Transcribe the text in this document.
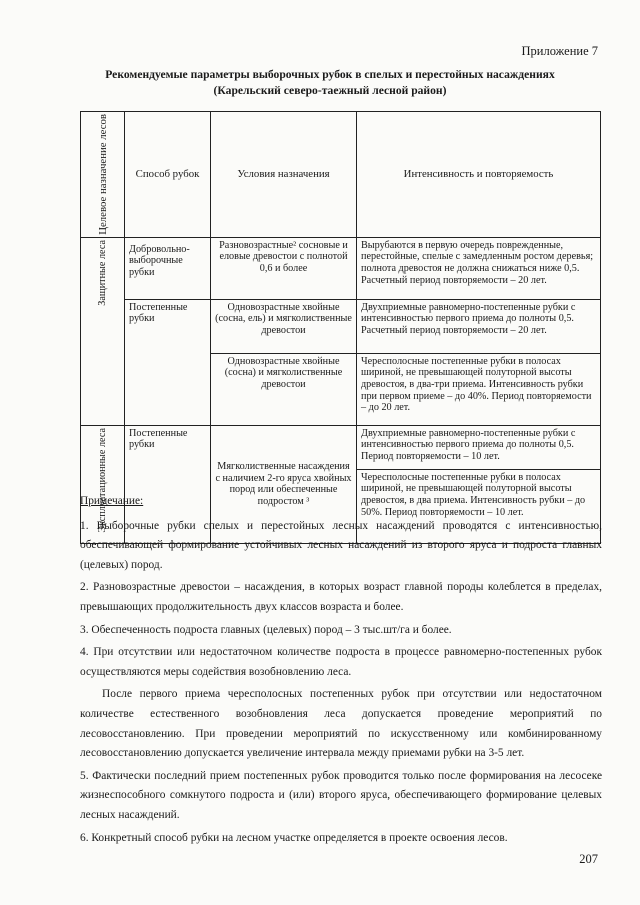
Приложение 7
Рекомендуемые параметры выборочных рубок в спелых и перестойных насаждениях
(Карельский северо-таежный лесной район)
Целевое назначение лесов	Способ рубок	Условия назначения	Интенсивность и повторяемость

Защитные леса	Добровольно-выборочные рубки	Разновозрастные² сосновые и еловые древостои с полнотой 0,6 и более	Вырубаются в первую очередь поврежденные, перестойные, спелые с замедленным ростом деревья; полнота древостоя не должна снижаться ниже 0,5. Расчетный период повторяемости – 20 лет.
	Постепенные рубки	Одновозрастные хвойные (сосна, ель) и мягколиственные древостои	Двухприемные равномерно-постепенные рубки с интенсивностью первого приема до полноты 0,5. Расчетный период повторяемости – 20 лет.
		Одновозрастные хвойные (сосна) и мягколиственные древостои	Чересполосные постепенные рубки в полосах шириной, не превышающей полуторной высоты древостоя, в два-три приема. Интенсивность рубки при первом приеме – до 40%. Период повторяемости – до 20 лет.

Эксплуатационные леса	Постепенные рубки	Мягколиственные насаждения с наличием 2-го яруса хвойных пород или обеспеченные подростом ³	Двухприемные равномерно-постепенные рубки с интенсивностью первого приема до полноты 0,5. Период повторяемости – 10 лет.
			Чересполосные постепенные рубки в полосах шириной, не превышающей полуторной высоты древостоя, в два приема. Интенсивность рубки – до 50%. Период повторяемости – 10 лет.

Примечание:

1. Выборочные рубки спелых и перестойных лесных насаждений проводятся с интенсивностью, обеспечивающей формирование устойчивых лесных насаждений из второго яруса и подроста главных (целевых) пород.

2. Разновозрастные древостои – насаждения, в которых возраст главной породы колеблется в пределах, превышающих продолжительность двух классов возраста и более.

3. Обеспеченность подроста главных (целевых) пород – 3 тыс.шт/га и более.

4. При отсутствии или недостаточном количестве подроста в процессе равномерно-постепенных рубок осуществляются меры содействия возобновлению леса.

После первого приема чересполосных постепенных рубок при отсутствии или недостаточном количестве естественного возобновления леса допускается проведение мероприятий по лесовосстановлению. При проведении мероприятий по искусственному или комбинированному лесовосстановлению допускается увеличение интервала между приемами рубки на 3-5 лет.

5. Фактически последний прием постепенных рубок проводится только после формирования на лесосеке жизнеспособного сомкнутого подроста и (или) второго яруса, обеспечивающего формирование целевых лесных насаждений.

6. Конкретный способ рубки на лесном участке определяется в проекте освоения лесов.

207
